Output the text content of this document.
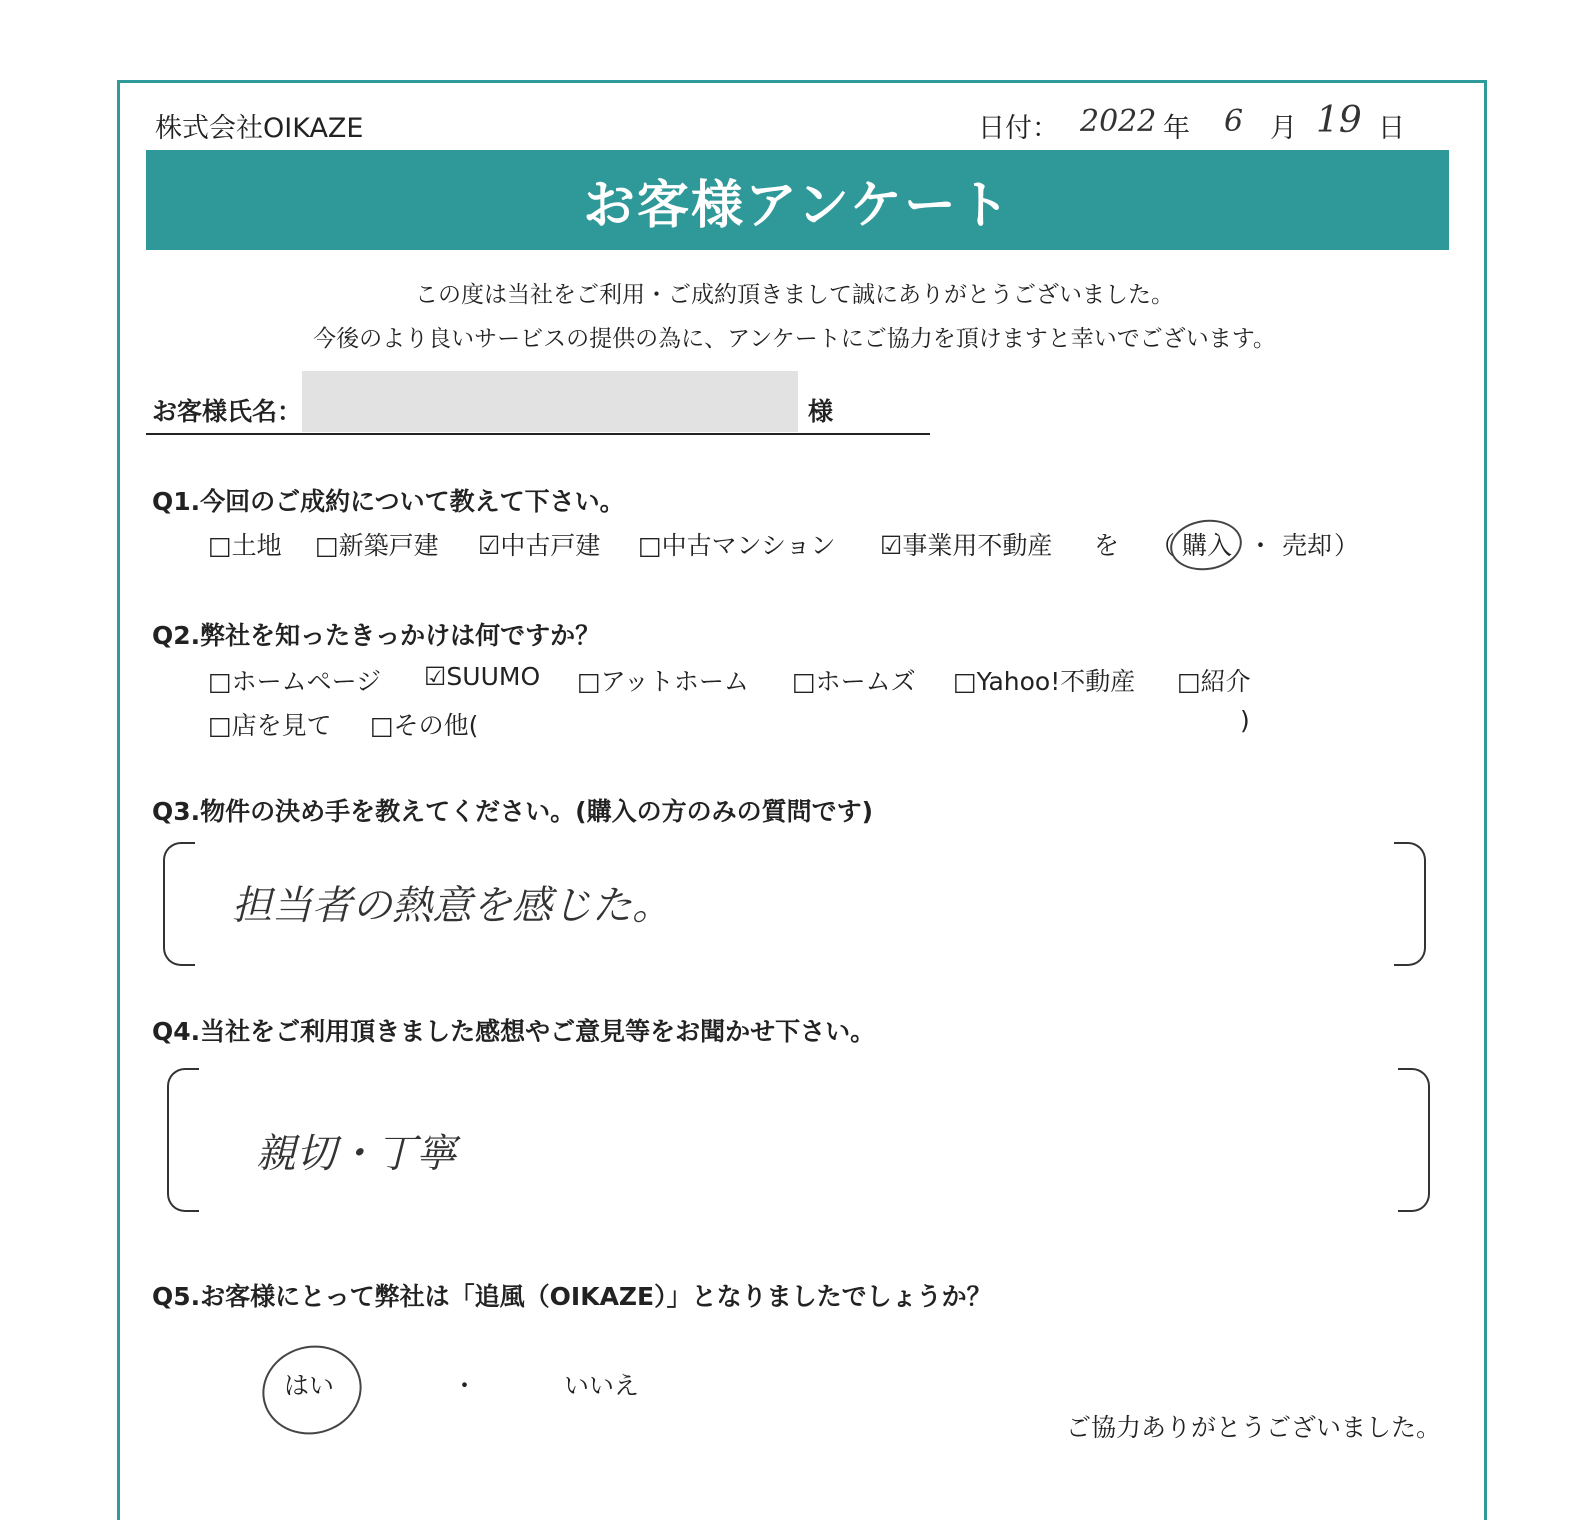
株式会社OIKAZE	日付： 2022 年 6 月 19 日
お客様アンケート
この度は当社をご利用・ご成約頂きまして誠にありがとうございました。
今後のより良いサービスの提供の為に、アンケートにご協力を頂けますと幸いでございます。
お客様氏名：	様
Q1.今回のご成約について教えて下さい。
□土地 □新築戸建 ☑中古戸建 □中古マンション ☑事業用不動産 を （ 購入 ・ 売却 ）
Q2.弊社を知ったきっかけは何ですか？
□ホームページ ☑SUUMO □アットホーム □ホームズ □Yahoo!不動産 □紹介
□店を見て □その他(	)
Q3.物件の決め手を教えてください。(購入の方のみの質問です)
担当者の熱意を感じた。
Q4.当社をご利用頂きました感想やご意見等をお聞かせ下さい。
親切・丁寧
Q5.お客様にとって弊社は「追風（OIKAZE）」となりましたでしょうか？
はい	・	いいえ
ご協力ありがとうございました。
